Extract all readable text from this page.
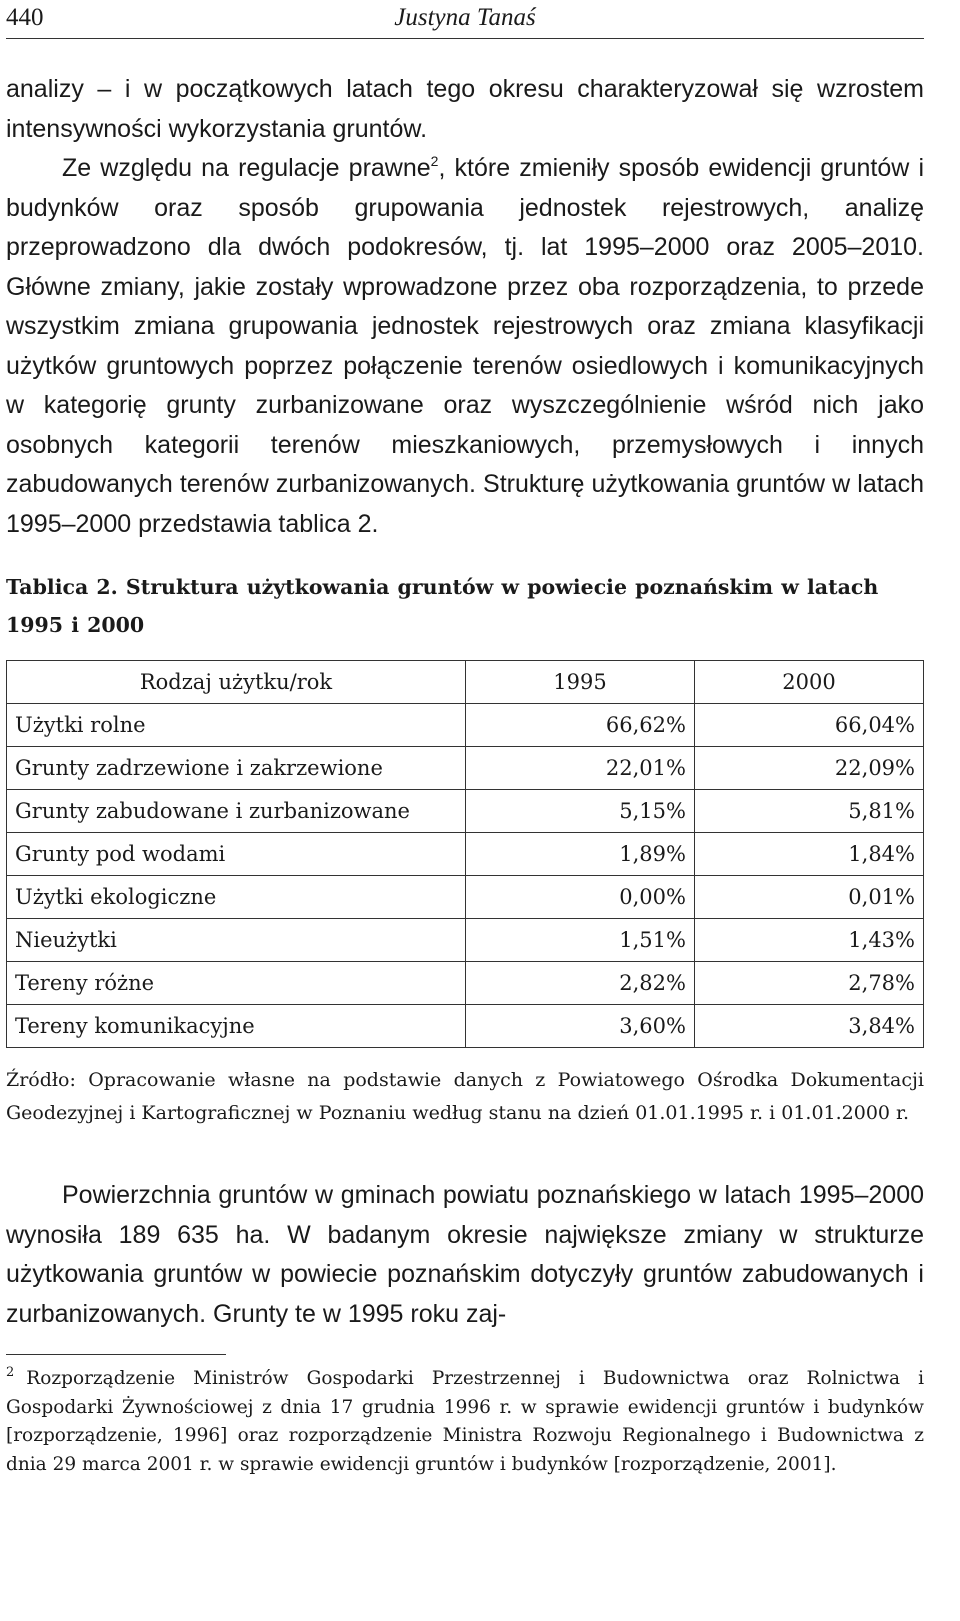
440	Justyna Tanaś

analizy – i w początkowych latach tego okresu charakteryzował się wzrostem intensywności wykorzystania gruntów.

Ze względu na regulacje prawne$^2$, które zmieniły sposób ewidencji gruntów i budynków oraz sposób grupowania jednostek rejestrowych, analizę przeprowadzono dla dwóch podokresów, tj. lat 1995–2000 oraz 2005–2010. Główne zmiany, jakie zostały wprowadzone przez oba rozporządzenia, to przede wszystkim zmiana grupowania jednostek rejestrowych oraz zmiana klasyfikacji użytków gruntowych poprzez połączenie terenów osiedlowych i komunikacyjnych w kategorię grunty zurbanizowane oraz wyszczególnienie wśród nich jako osobnych kategorii terenów mieszkaniowych, przemysłowych i innych zabudowanych terenów zurbanizowanych. Strukturę użytkowania gruntów w latach 1995–2000 przedstawia tablica 2.

Tablica 2. Struktura użytkowania gruntów w powiecie poznańskim w latach 1995 i 2000

Rodzaj użytku/rok	1995	2000
Użytki rolne	66,62%	66,04%
Grunty zadrzewione i zakrzewione	22,01%	22,09%
Grunty zabudowane i zurbanizowane	5,15%	5,81%
Grunty pod wodami	1,89%	1,84%
Użytki ekologiczne	0,00%	0,01%
Nieużytki	1,51%	1,43%
Tereny różne	2,82%	2,78%
Tereny komunikacyjne	3,60%	3,84%

Źródło: Opracowanie własne na podstawie danych z Powiatowego Ośrodka Dokumentacji Geodezyjnej i Kartograficznej w Poznaniu według stanu na dzień 01.01.1995 r. i 01.01.2000 r.

Powierzchnia gruntów w gminach powiatu poznańskiego w latach 1995–2000 wynosiła 189 635 ha. W badanym okresie największe zmiany w strukturze użytkowania gruntów w powiecie poznańskim dotyczyły gruntów zabudowanych i zurbanizowanych. Grunty te w 1995 roku zaj-

$^2$ Rozporządzenie Ministrów Gospodarki Przestrzennej i Budownictwa oraz Rolnictwa i Gospodarki Żywnościowej z dnia 17 grudnia 1996 r. w sprawie ewidencji gruntów i budynków [rozporządzenie, 1996] oraz rozporządzenie Ministra Rozwoju Regionalnego i Budownictwa z dnia 29 marca 2001 r. w sprawie ewidencji gruntów i budynków [rozporządzenie, 2001].
